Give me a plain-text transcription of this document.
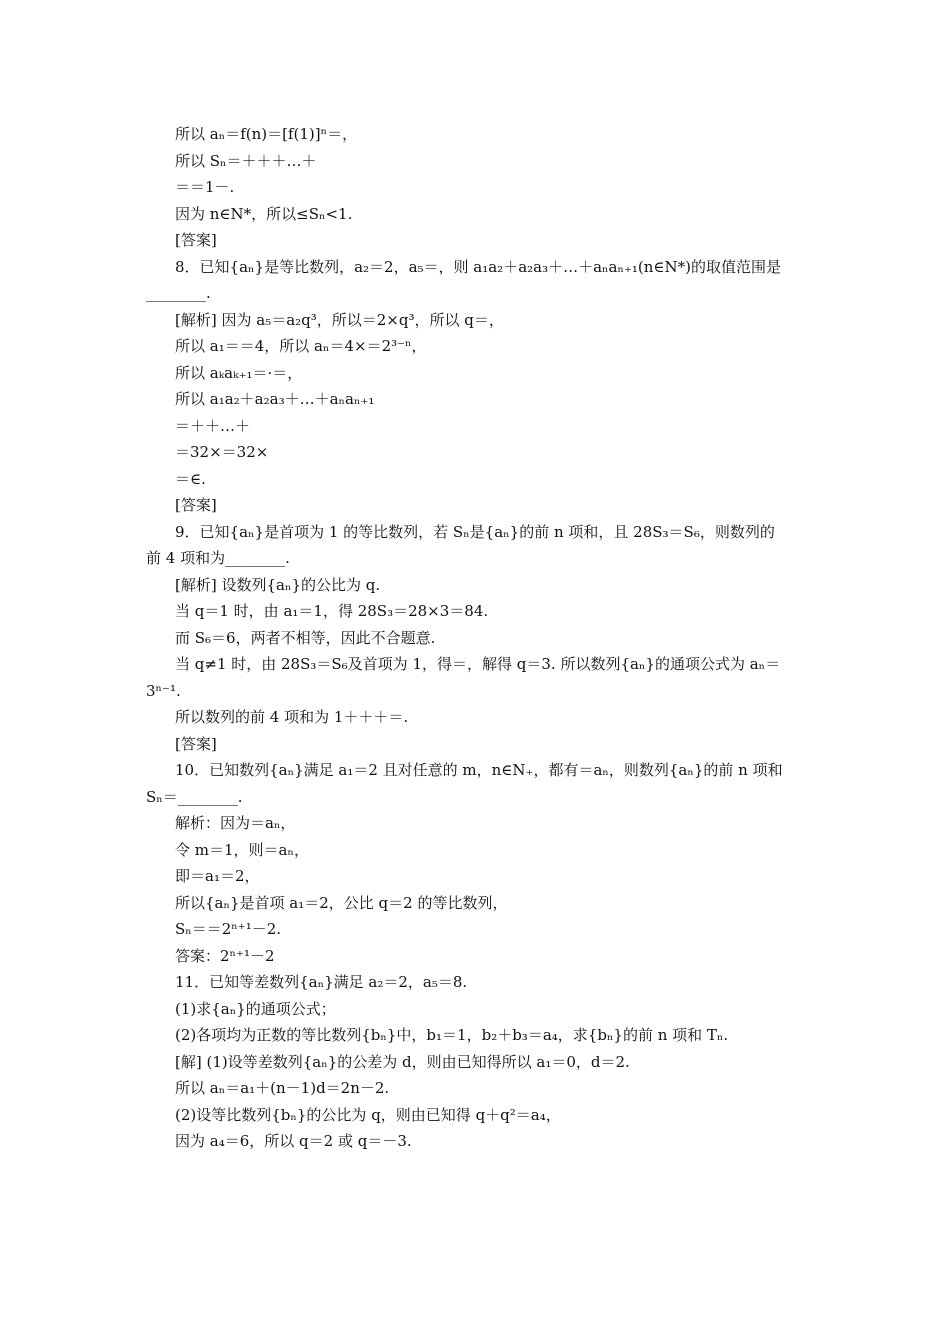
所以 aₙ＝f(n)＝[f(1)]ⁿ＝，
所以 Sₙ＝＋＋＋…＋
＝＝1－.
因为 n∈N*，所以≤Sₙ<1.
[答案]
8．已知{aₙ}是等比数列，a₂＝2，a₅＝，则 a₁a₂＋a₂a₃＋…＋aₙaₙ₊₁(n∈N*)的取值范围是
________.
[解析] 因为 a₅＝a₂q³，所以＝2×q³，所以 q＝，
所以 a₁＝＝4，所以 aₙ＝4×＝2³⁻ⁿ，
所以 aₖaₖ₊₁＝·＝，
所以 a₁a₂＋a₂a₃＋…＋aₙaₙ₊₁
＝＋＋…＋
＝32×＝32×
＝∈.
[答案]
9．已知{aₙ}是首项为 1 的等比数列，若 Sₙ是{aₙ}的前 n 项和，且 28S₃＝S₆，则数列的
前 4 项和为________.
[解析] 设数列{aₙ}的公比为 q.
当 q＝1 时，由 a₁＝1，得 28S₃＝28×3＝84.
而 S₆＝6，两者不相等，因此不合题意.
当 q≠1 时，由 28S₃＝S₆及首项为 1，得＝，解得 q＝3. 所以数列{aₙ}的通项公式为 aₙ＝
3ⁿ⁻¹.
所以数列的前 4 项和为 1＋＋＋＝.
[答案]
10．已知数列{aₙ}满足 a₁＝2 且对任意的 m，n∈N₊，都有＝aₙ，则数列{aₙ}的前 n 项和
Sₙ＝________.
解析：因为＝aₙ，
令 m＝1，则＝aₙ，
即＝a₁＝2，
所以{aₙ}是首项 a₁＝2，公比 q＝2 的等比数列，
Sₙ＝＝2ⁿ⁺¹－2.
答案：2ⁿ⁺¹－2
11．已知等差数列{aₙ}满足 a₂＝2，a₅＝8.
(1)求{aₙ}的通项公式；
(2)各项均为正数的等比数列{bₙ}中，b₁＝1，b₂＋b₃＝a₄，求{bₙ}的前 n 项和 Tₙ.
[解] (1)设等差数列{aₙ}的公差为 d，则由已知得所以 a₁＝0，d＝2.
所以 aₙ＝a₁＋(n－1)d＝2n－2.
(2)设等比数列{bₙ}的公比为 q，则由已知得 q＋q²＝a₄，
因为 a₄＝6，所以 q＝2 或 q＝－3.
